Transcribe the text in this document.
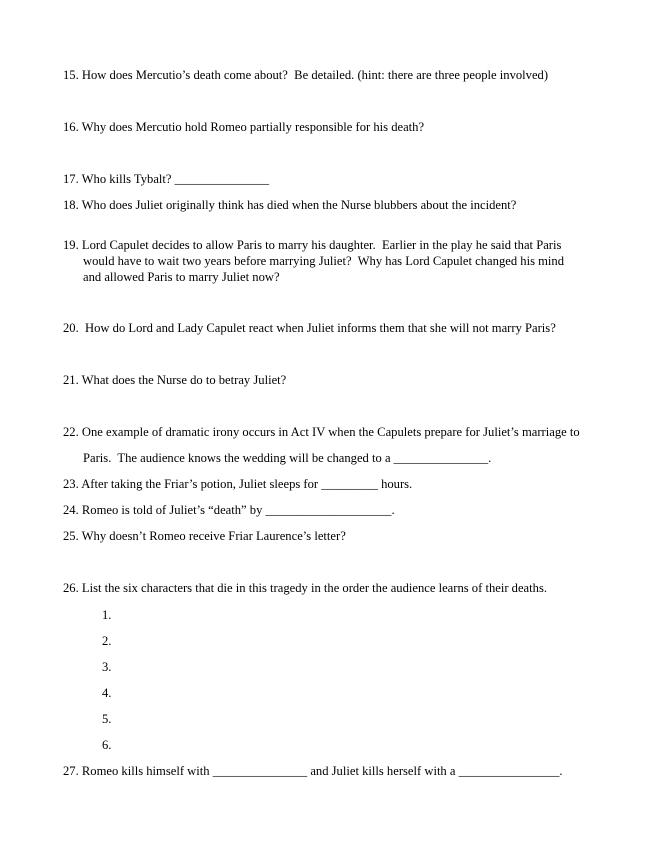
15. How does Mercutio’s death come about?  Be detailed. (hint: there are three people involved)
16. Why does Mercutio hold Romeo partially responsible for his death?
17. Who kills Tybalt? _______________
18. Who does Juliet originally think has died when the Nurse blubbers about the incident?
19. Lord Capulet decides to allow Paris to marry his daughter.  Earlier in the play he said that Paris
would have to wait two years before marrying Juliet?  Why has Lord Capulet changed his mind
and allowed Paris to marry Juliet now?
20.  How do Lord and Lady Capulet react when Juliet informs them that she will not marry Paris?
21. What does the Nurse do to betray Juliet?
22. One example of dramatic irony occurs in Act IV when the Capulets prepare for Juliet’s marriage to
Paris.  The audience knows the wedding will be changed to a _______________.
23. After taking the Friar’s potion, Juliet sleeps for _________ hours.
24. Romeo is told of Juliet’s “death” by ____________________.
25. Why doesn’t Romeo receive Friar Laurence’s letter?
26. List the six characters that die in this tragedy in the order the audience learns of their deaths.
1.
2.
3.
4.
5.
6.
27. Romeo kills himself with _______________ and Juliet kills herself with a ________________.
